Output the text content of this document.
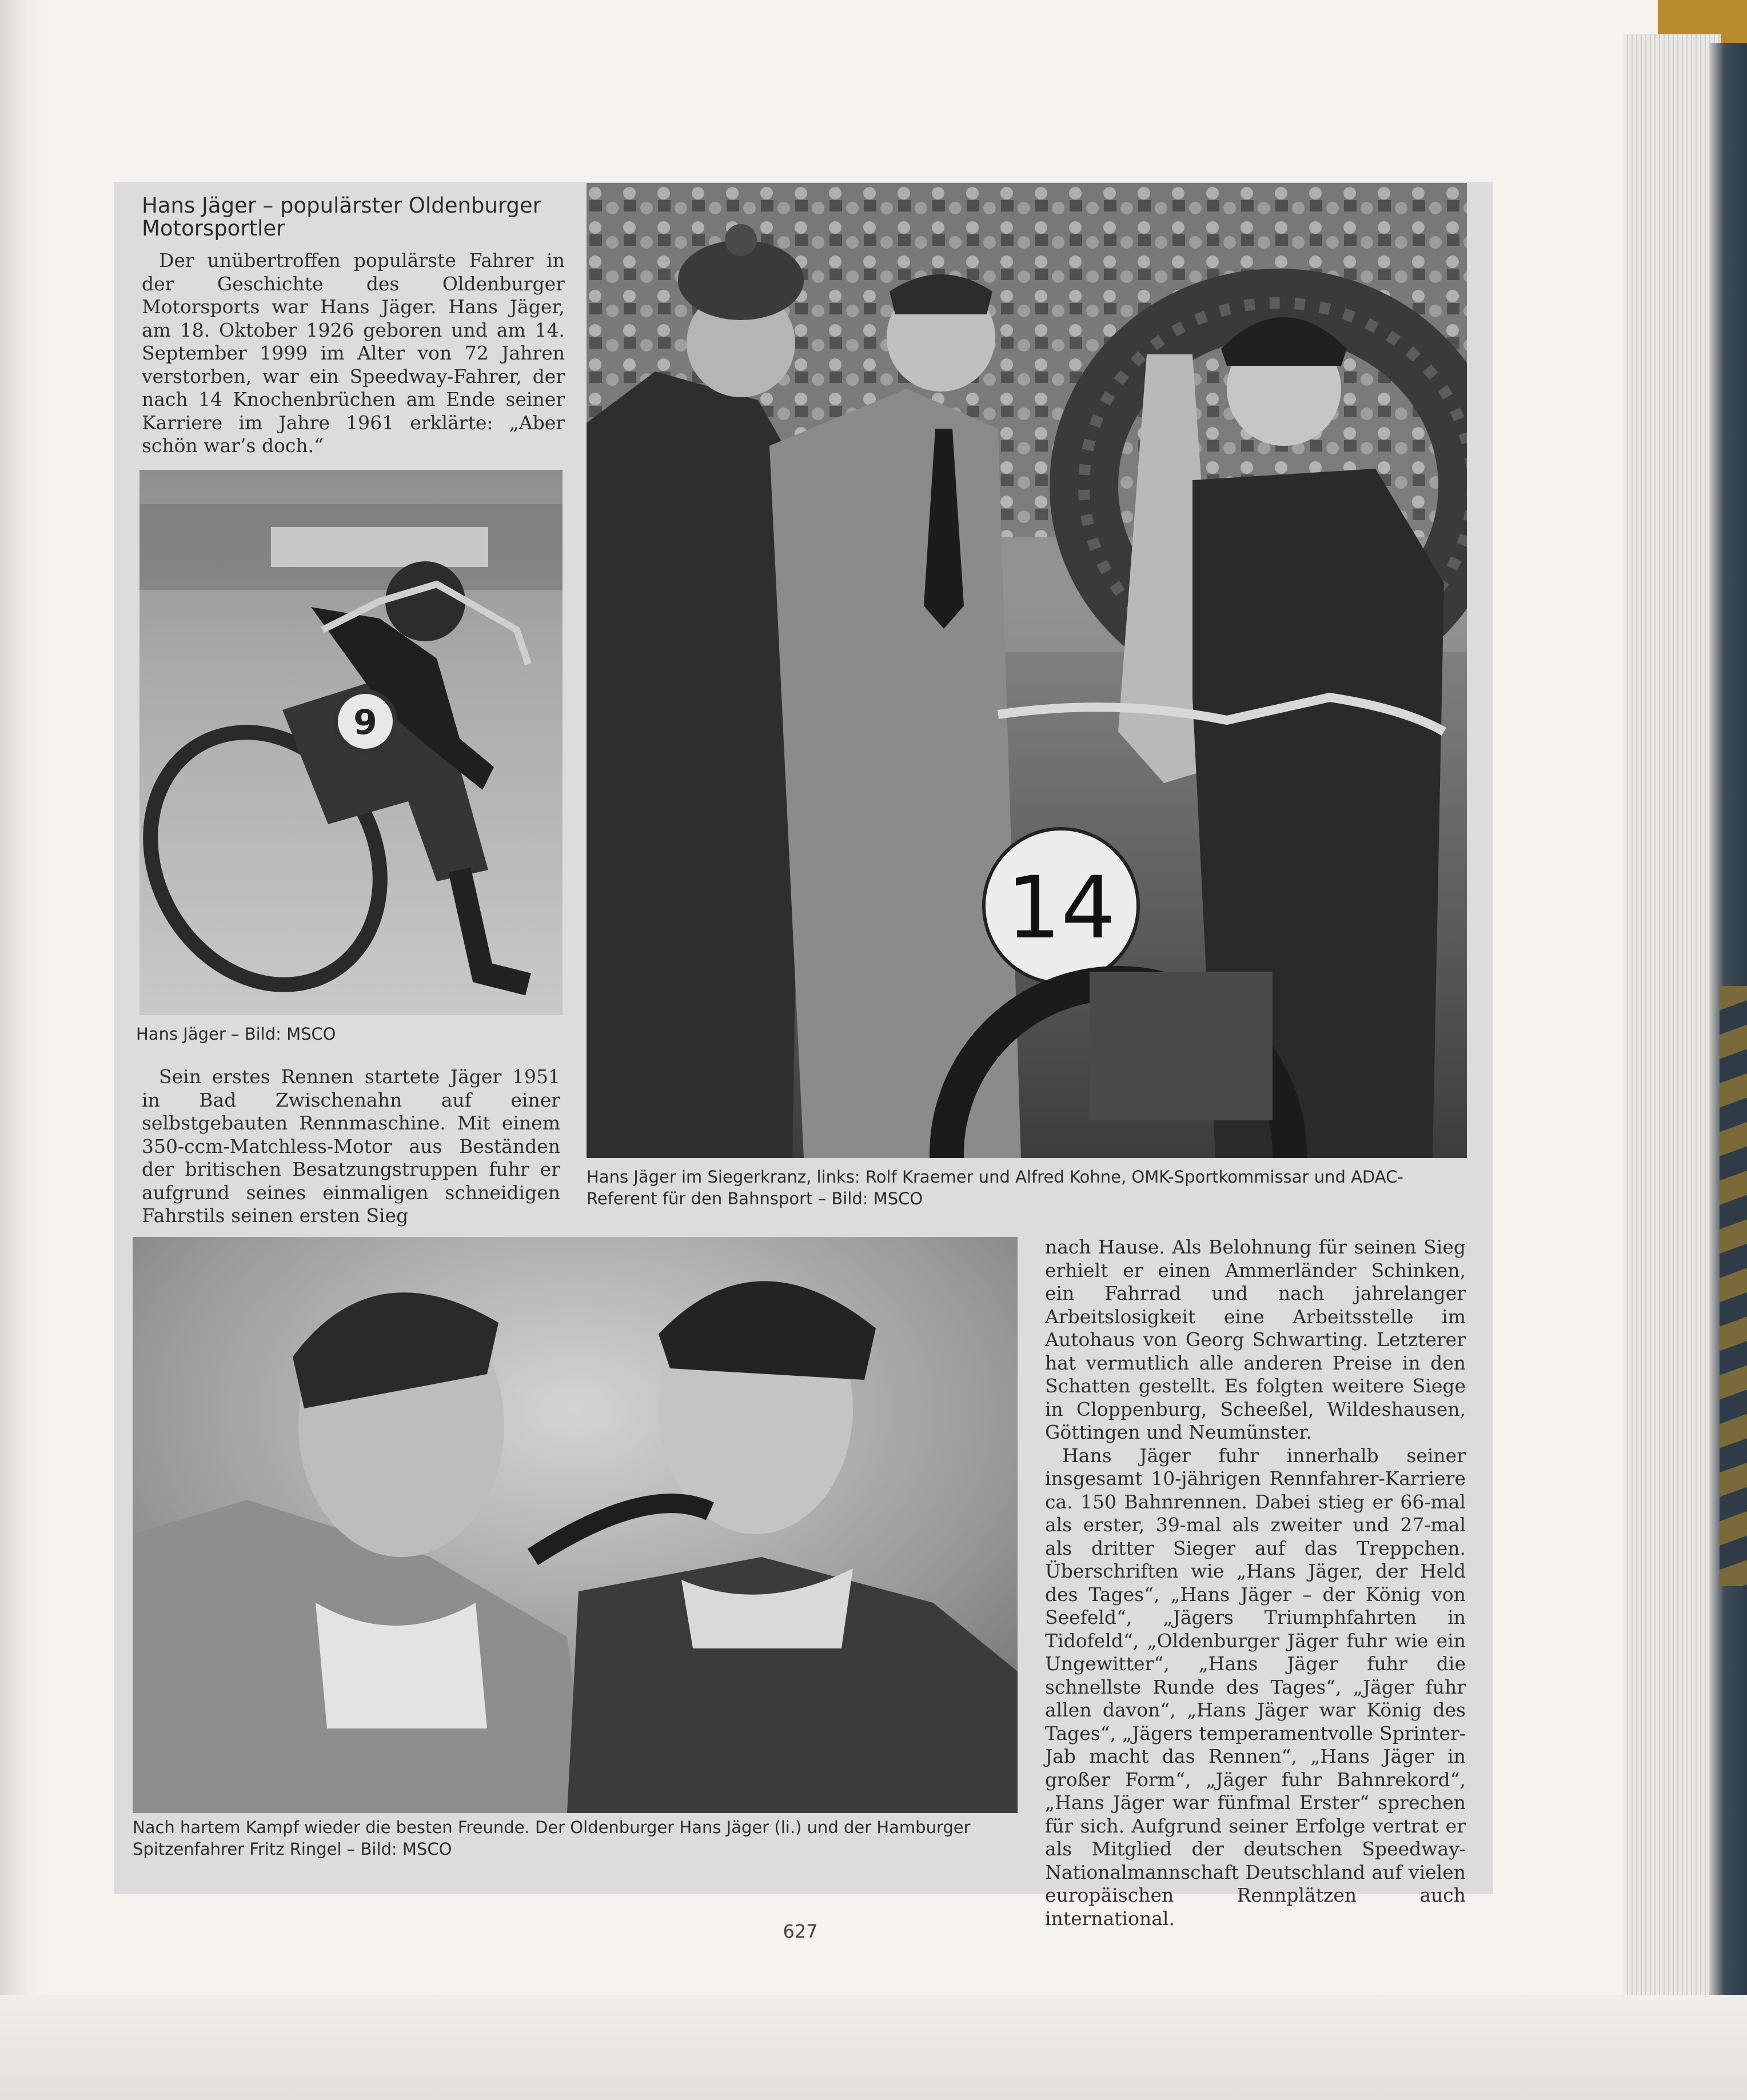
Hans Jäger – populärster Oldenburger Motorsportler

Der unübertroffen populärste Fahrer in der Geschichte des Oldenburger Motorsports war Hans Jäger. Hans Jäger, am 18. Oktober 1926 geboren und am 14. September 1999 im Alter von 72 Jahren verstorben, war ein Speedway-Fahrer, der nach 14 Knochenbrüchen am Ende seiner Karriere im Jahre 1961 erklärte: „Aber schön war’s doch.“

9
Hans Jäger – Bild: MSCO
14
Hans Jäger im Siegerkranz, links: Rolf Kraemer und Alfred Kohne, OMK-Sportkommissar und ADAC-Referent für den Bahnsport – Bild: MSCO

Sein erstes Rennen startete Jäger 1951 in Bad Zwischenahn auf einer selbstgebauten Rennmaschine. Mit einem 350-ccm-Matchless-Motor aus Beständen der britischen Besatzungstruppen fuhr er aufgrund seines einmaligen schneidigen Fahrstils seinen ersten Sieg

Nach hartem Kampf wieder die besten Freunde. Der Oldenburger Hans Jäger (li.) und der Hamburger Spitzenfahrer Fritz Ringel – Bild: MSCO

nach Hause. Als Belohnung für seinen Sieg erhielt er einen Ammerländer Schinken, ein Fahrrad und nach jahrelanger Arbeitslosigkeit eine Arbeitsstelle im Autohaus von Georg Schwarting. Letzterer hat vermutlich alle anderen Preise in den Schatten gestellt. Es folgten weitere Siege in Cloppenburg, Scheeßel, Wildeshausen, Göttingen und Neumünster.

Hans Jäger fuhr innerhalb seiner insgesamt 10-jährigen Rennfahrer-Karriere ca. 150 Bahnrennen. Dabei stieg er 66-mal als erster, 39-mal als zweiter und 27-mal als dritter Sieger auf das Treppchen. Überschriften wie „Hans Jäger, der Held des Tages“, „Hans Jäger – der König von Seefeld“, „Jägers Triumphfahrten in Tidofeld“, „Oldenburger Jäger fuhr wie ein Ungewitter“, „Hans Jäger fuhr die schnellste Runde des Tages“, „Jäger fuhr allen davon“, „Hans Jäger war König des Tages“, „Jägers temperamentvolle Sprinter-Jab macht das Rennen“, „Hans Jäger in großer Form“, „Jäger fuhr Bahnrekord“, „Hans Jäger war fünfmal Erster“ sprechen für sich. Aufgrund seiner Erfolge vertrat er als Mitglied der deutschen Speedway-Nationalmannschaft Deutschland auf vielen europäischen Rennplätzen auch international.

627
